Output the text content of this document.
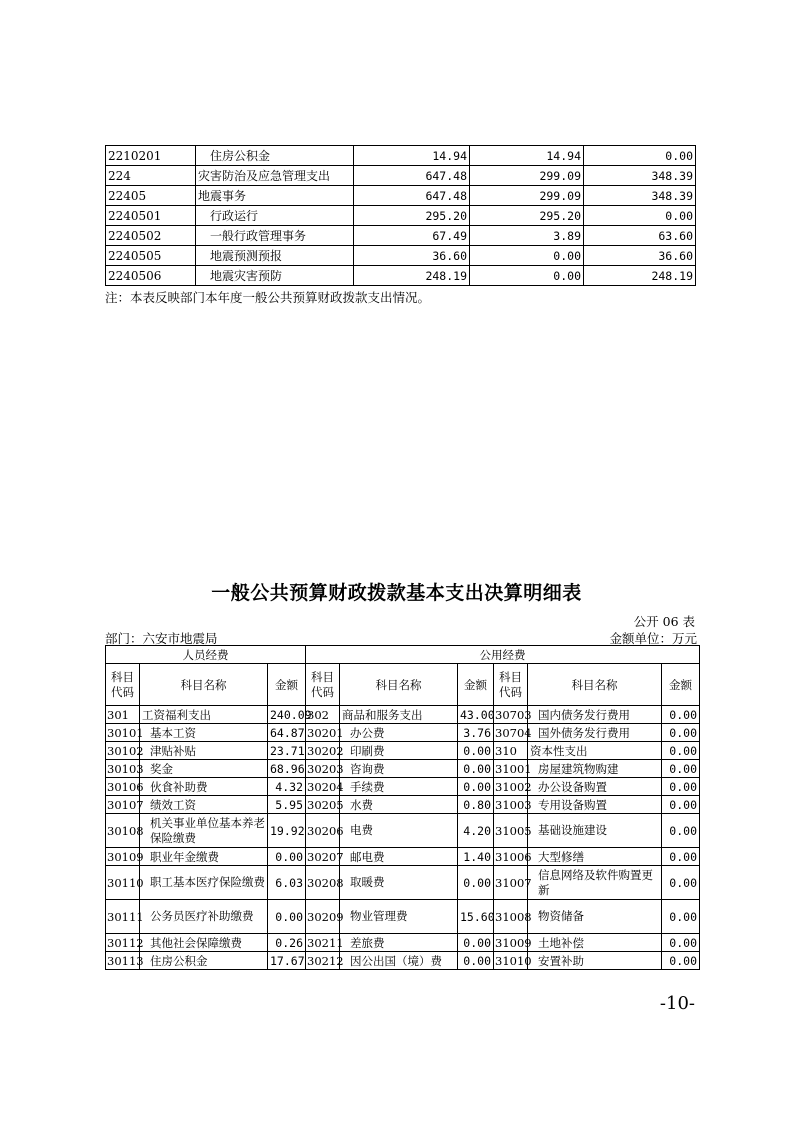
2210201	住房公积金	14.94	14.94	0.00
224	灾害防治及应急管理支出	647.48	299.09	348.39
22405	地震事务	647.48	299.09	348.39
2240501	行政运行	295.20	295.20	0.00
2240502	一般行政管理事务	67.49	3.89	63.60
2240505	地震预测预报	36.60	0.00	36.60
2240506	地震灾害预防	248.19	0.00	248.19
注：本表反映部门本年度一般公共预算财政拨款支出情况。
一般公共预算财政拨款基本支出决算明细表
公开 06 表
部门：六安市地震局	金额单位：万元
人员经费			公用经费					
科目代码	科目名称	金额	科目代码	科目名称	金额	科目代码	科目名称	金额
301	工资福利支出	240.09	302	商品和服务支出	43.00	30703	国内债务发行费用	0.00
30101	基本工资	64.87	30201	办公费	3.76	30704	国外债务发行费用	0.00
30102	津贴补贴	23.71	30202	印刷费	0.00	310	资本性支出	0.00
30103	奖金	68.96	30203	咨询费	0.00	31001	房屋建筑物购建	0.00
30106	伙食补助费	4.32	30204	手续费	0.00	31002	办公设备购置	0.00
30107	绩效工资	5.95	30205	水费	0.80	31003	专用设备购置	0.00
30108	机关事业单位基本养老保险缴费	19.92	30206	电费	4.20	31005	基础设施建设	0.00
30109	职业年金缴费	0.00	30207	邮电费	1.40	31006	大型修缮	0.00
30110	职工基本医疗保险缴费	6.03	30208	取暖费	0.00	31007	信息网络及软件购置更新	0.00
30111	公务员医疗补助缴费	0.00	30209	物业管理费	15.60	31008	物资储备	0.00
30112	其他社会保障缴费	0.26	30211	差旅费	0.00	31009	土地补偿	0.00
30113	住房公积金	17.67	30212	因公出国（境）费	0.00	31010	安置补助	0.00
-10-
